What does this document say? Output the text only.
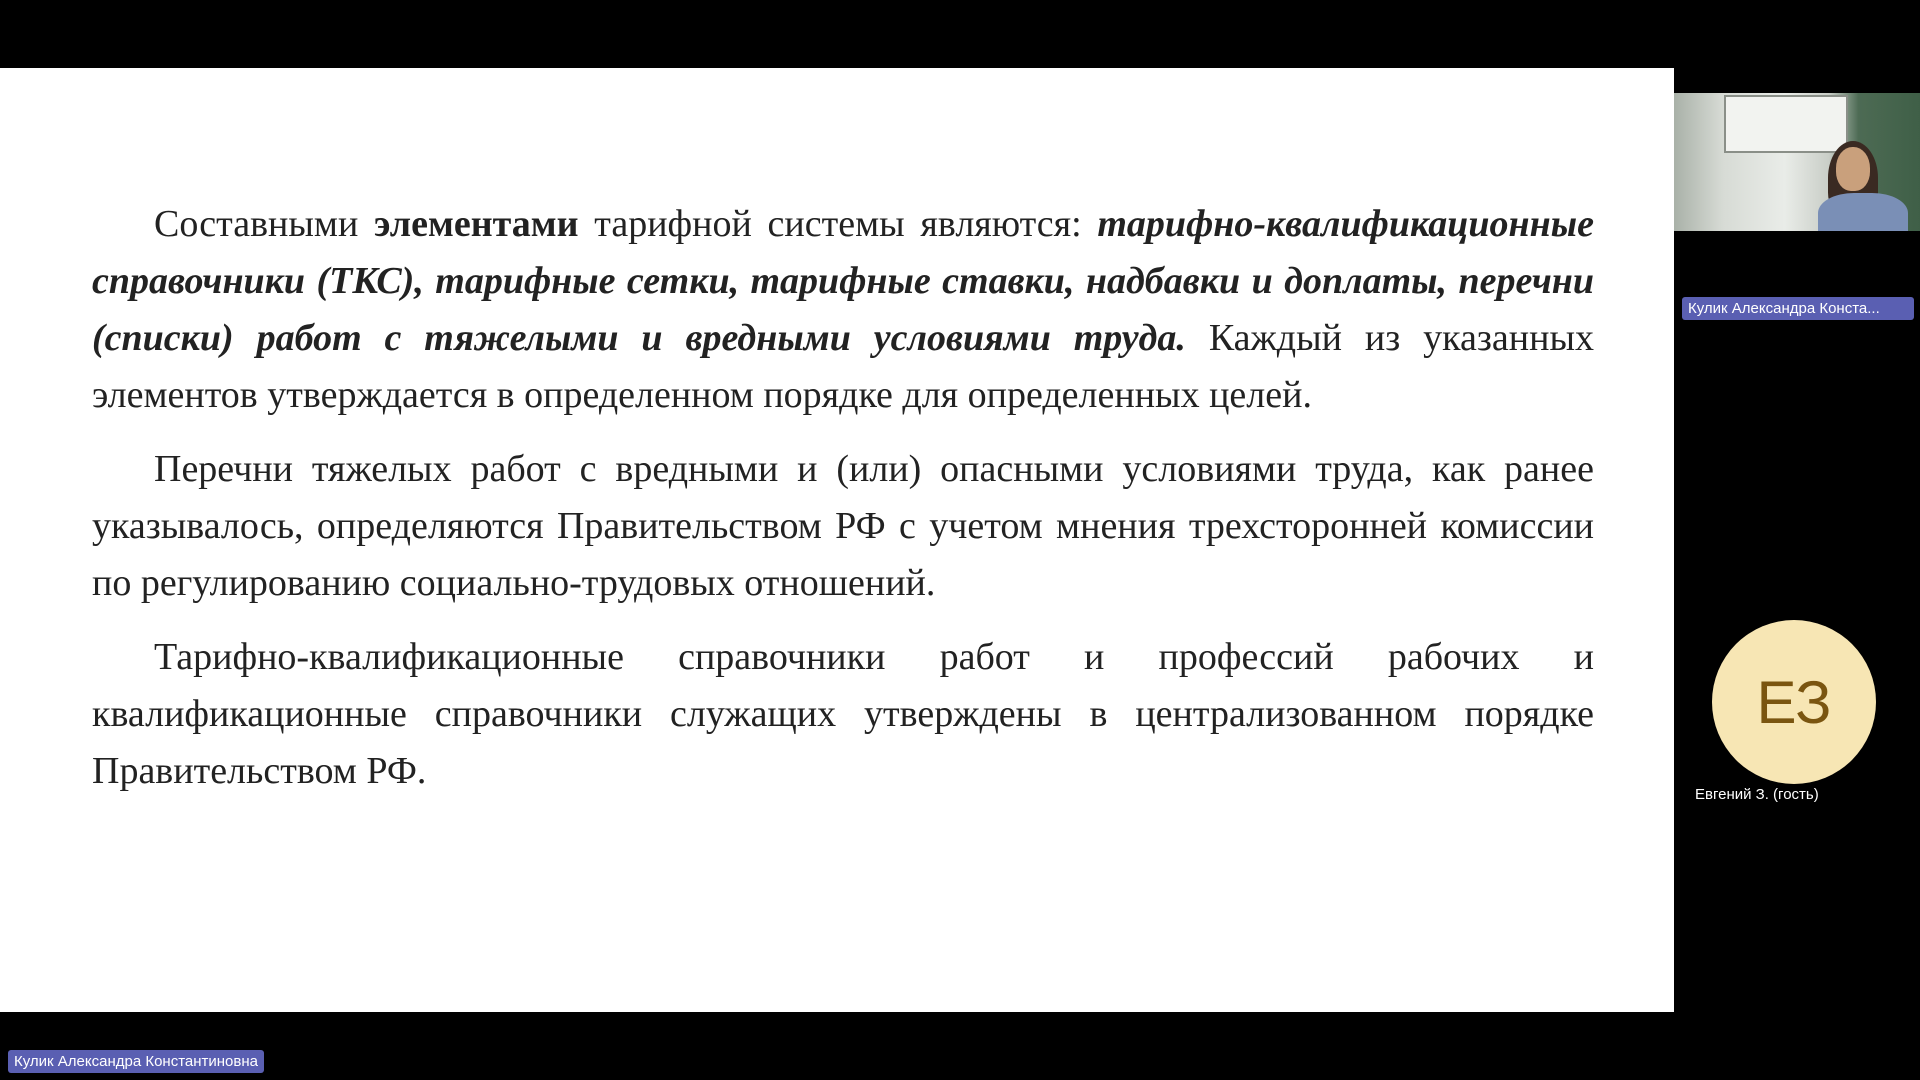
Составными элементами тарифной системы являются: тарифно-квалификационные справочники (ТКС), тарифные сетки, тарифные ставки, надбавки и доплаты, перечни (списки) работ с тяжелыми и вредными условиями труда. Каждый из указанных элементов утверждается в определенном порядке для определенных целей.

Перечни тяжелых работ с вредными и (или) опасными условиями труда, как ранее указывалось, определяются Правительством РФ с учетом мнения трехсторонней комиссии по регулированию социально-трудовых отношений.

Тарифно-квалификационные справочники работ и профессий рабочих и квалификационные справочники служащих утверждены в централизованном порядке Правительством РФ.

Кулик Александра Конста...
ЕЗ
Евгений З. (гость)
Кулик Александра Константиновна
